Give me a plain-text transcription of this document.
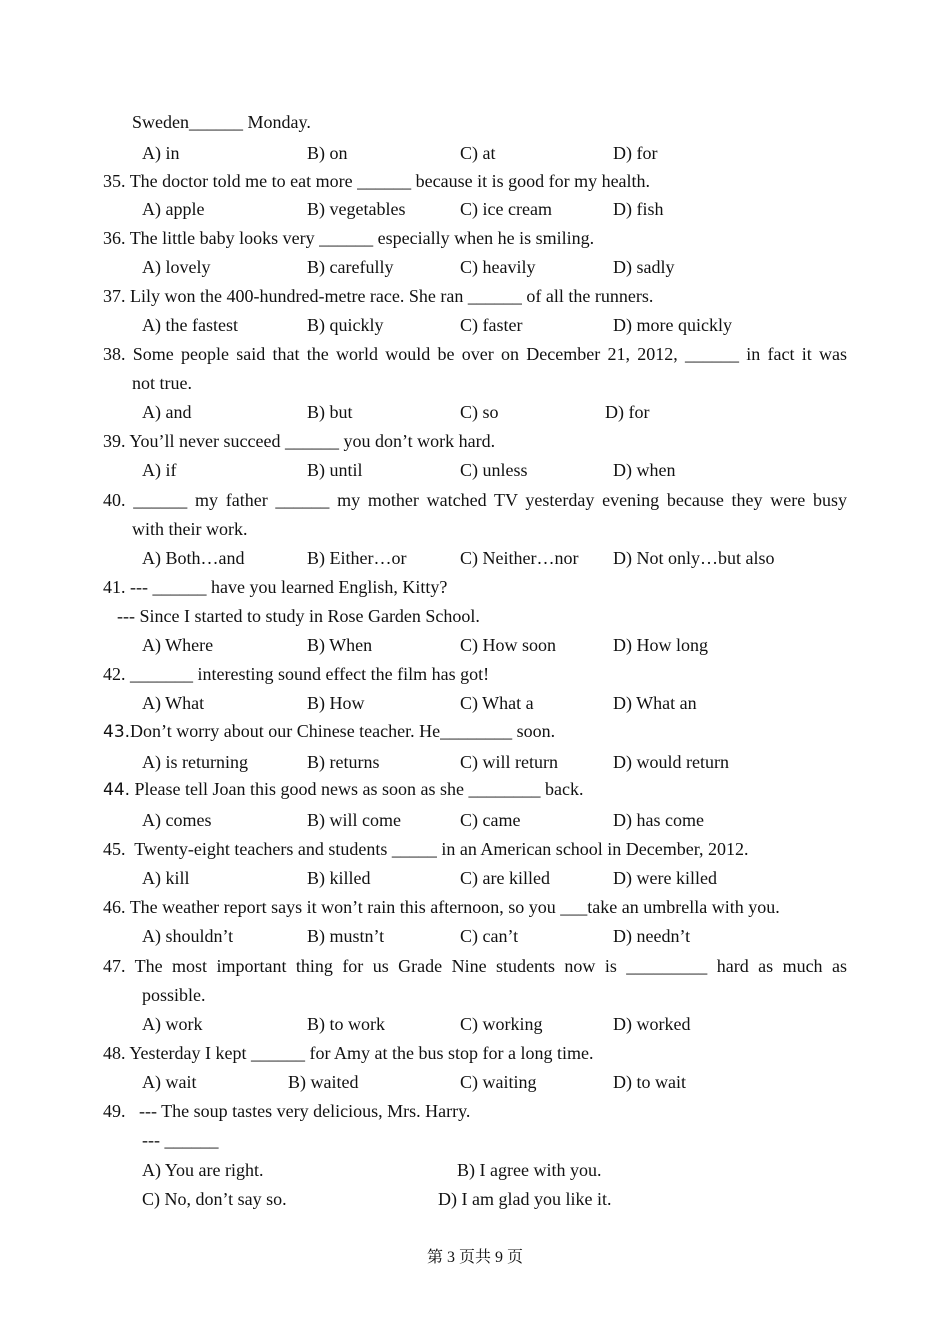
Sweden______ Monday.
A) in	B) on	C) at	D) for
35. The doctor told me to eat more ______ because it is good for my health.
A) apple	B) vegetables	C) ice cream	D) fish
36. The little baby looks very ______ especially when he is smiling.
A) lovely	B) carefully	C) heavily	D) sadly
37. Lily won the 400-hundred-metre race. She ran ______ of all the runners.
A) the fastest	B) quickly	C) faster	D) more quickly
38. Some people said that the world would be over on December 21, 2012, ______ in fact it was
not true.
A) and	B) but	C) so	D) for
39. You’ll never succeed ______ you don’t work hard.
A) if	B) until	C) unless	D) when
40. ______ my father ______ my mother watched TV yesterday evening because they were busy
with their work.
A) Both…and	B) Either…or	C) Neither…nor D) Not only…but also
41. --- ______ have you learned English, Kitty?
--- Since I started to study in Rose Garden School.
A) Where	B) When	C) How soon	D) How long
42. _______ interesting sound effect the film has got!
A) What	B) How	C) What a	D) What an
43.Don’t worry about our Chinese teacher. He________ soon.
A) is returning	B) returns	C) will return	D) would return
44. Please tell Joan this good news as soon as she ________ back.
A) comes	B) will come	C) came	D) has come
45. Twenty-eight teachers and students _____ in an American school in December, 2012.
A) kill	B) killed	C) are killed	D) were killed
46. The weather report says it won’t rain this afternoon, so you ___take an umbrella with you.
A) shouldn’t	B) mustn’t	C) can’t	D) needn’t
47. The most important thing for us Grade Nine students now is _________ hard as much as
possible.
A) work	B) to work	C) working	D) worked
48. Yesterday I kept ______ for Amy at the bus stop for a long time.
A) wait	B) waited	C) waiting	D) to wait
49. --- The soup tastes very delicious, Mrs. Harry.
--- ______
A) You are right.	B) I agree with you.
C) No, don’t say so.	D) I am glad you like it.
第 3 页共 9 页
